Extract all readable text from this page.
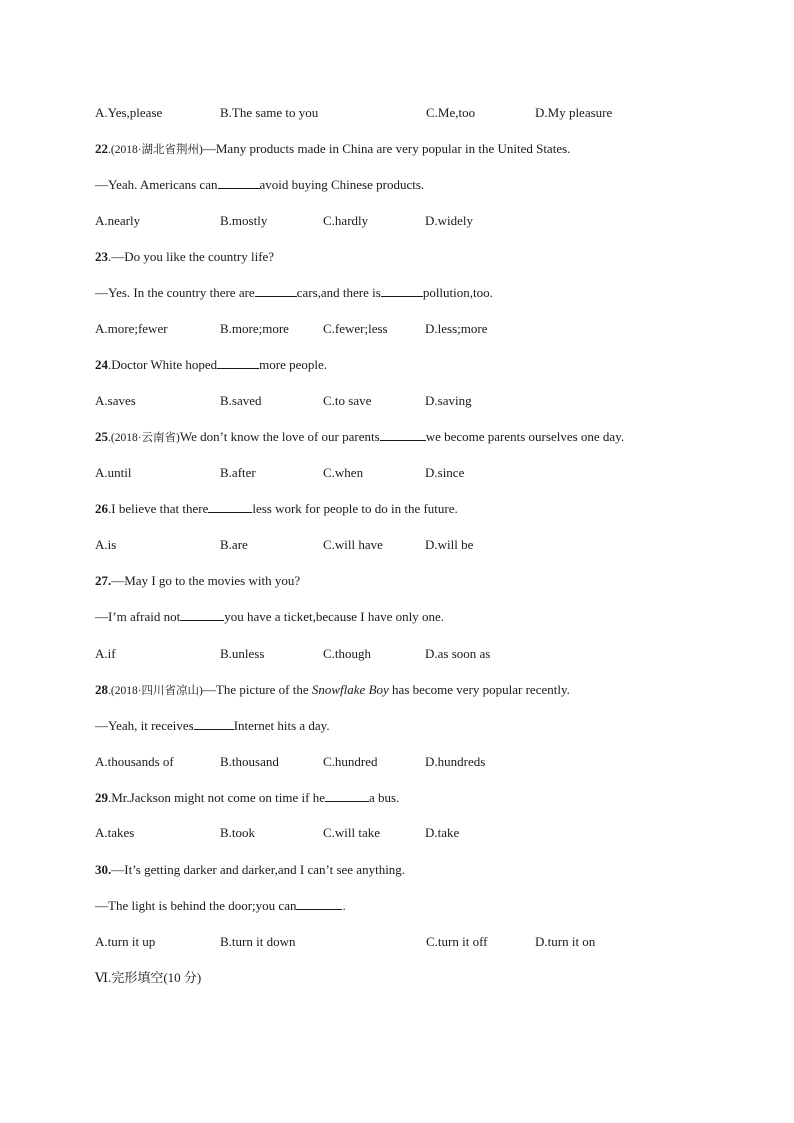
A.Yes,please	B.The same to you	C.Me,too	D.My pleasure
22.(2018·湖北省荆州)—Many products made in China are very popular in the United States.
—Yeah. Americans can	avoid buying Chinese products.
A.nearly	B.mostly	C.hardly	D.widely
23.—Do you like the country life?
—Yes. In the country there are	cars,and there is	pollution,too.
A.more;fewer	B.more;more	C.fewer;less	D.less;more
24.Doctor White hoped	more people.
A.saves	B.saved	C.to save	D.saving
25.(2018·云南省)We don’t know the love of our parents	we become parents ourselves one day.
A.until	B.after	C.when	D.since
26.I believe that there	less work for people to do in the future.
A.is	B.are	C.will have	D.will be
27.—May I go to the movies with you?
—I’m afraid not	you have a ticket,because I have only one.
A.if	B.unless	C.though	D.as soon as
28.(2018·四川省凉山)—The picture of the Snowflake Boy has become very popular recently.
—Yeah, it receives	Internet hits a day.
A.thousands of	B.thousand	C.hundred	D.hundreds
29.Mr.Jackson might not come on time if he	a bus.
A.takes	B.took	C.will take	D.take
30.—It’s getting darker and darker,and I can’t see anything.
—The light is behind the door;you can	.
A.turn it up	B.turn it down	C.turn it off	D.turn it on
Ⅵ.完形填空(10 分)
